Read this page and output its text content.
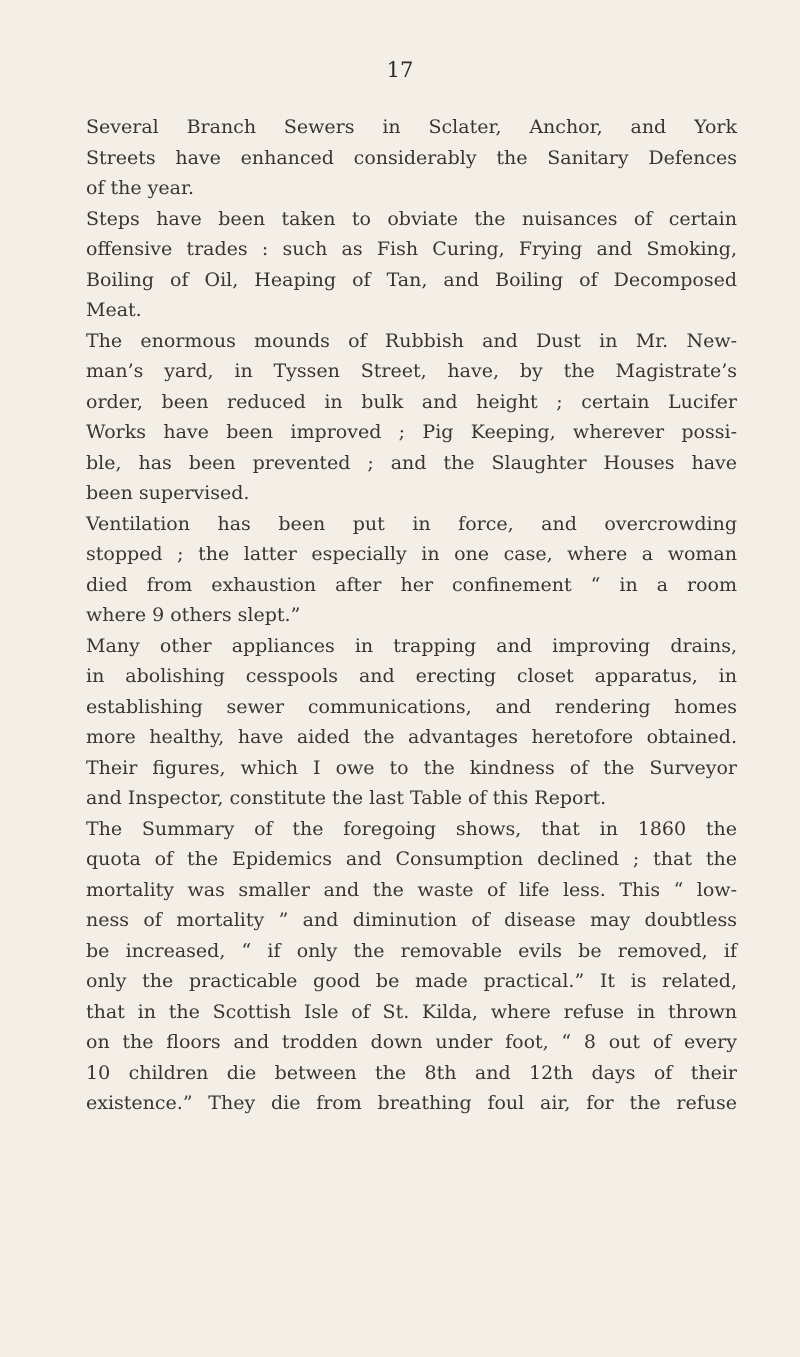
17
Several Branch Sewers in Sclater, Anchor, and York
Streets have enhanced considerably the Sanitary Defences
of the year.
Steps have been taken to obviate the nuisances of certain
offensive trades : such as Fish Curing, Frying and Smoking,
Boiling of Oil, Heaping of Tan, and Boiling of Decomposed
Meat.
The enormous mounds of Rubbish and Dust in Mr. New-
man’s yard, in Tyssen Street, have, by the Magistrate’s
order, been reduced in bulk and height ; certain Lucifer
Works have been improved ; Pig Keeping, wherever possi-
ble, has been prevented ; and the Slaughter Houses have
been supervised.
Ventilation has been put in force, and overcrowding
stopped ; the latter especially in one case, where a woman
died from exhaustion after her confinement “ in a room
where 9 others slept.”
Many other appliances in trapping and improving drains,
in abolishing cesspools and erecting closet apparatus, in
establishing sewer communications, and rendering homes
more healthy, have aided the advantages heretofore obtained.
Their figures, which I owe to the kindness of the Surveyor
and Inspector, constitute the last Table of this Report.
The Summary of the foregoing shows, that in 1860 the
quota of the Epidemics and Consumption declined ; that the
mortality was smaller and the waste of life less. This “ low-
ness of mortality ” and diminution of disease may doubtless
be increased, “ if only the removable evils be removed, if
only the practicable good be made practical.” It is related,
that in the Scottish Isle of St. Kilda, where refuse in thrown
on the floors and trodden down under foot, “ 8 out of every
10 children die between the 8th and 12th days of their
existence.” They die from breathing foul air, for the refuse
